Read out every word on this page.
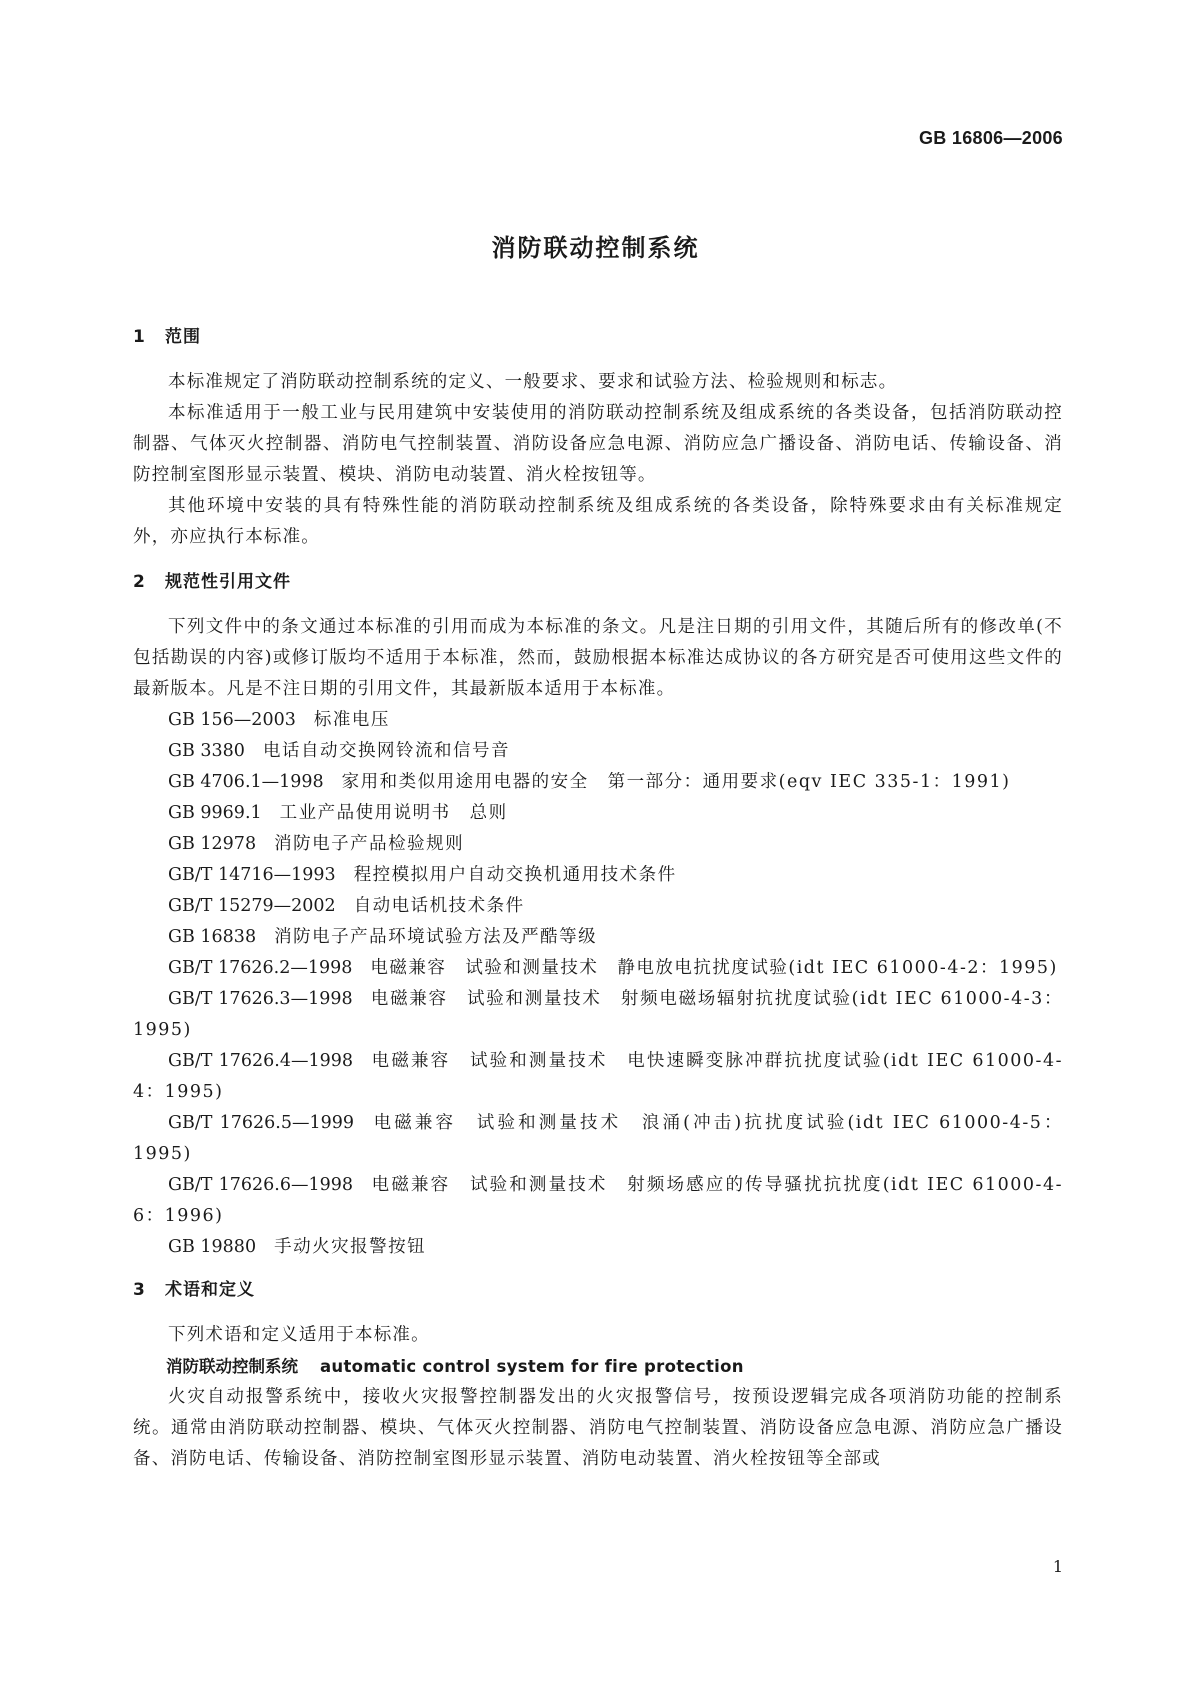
GB 16806—2006
消防联动控制系统
1 范围

本标准规定了消防联动控制系统的定义、一般要求、要求和试验方法、检验规则和标志。

本标准适用于一般工业与民用建筑中安装使用的消防联动控制系统及组成系统的各类设备，包括消防联动控制器、气体灭火控制器、消防电气控制装置、消防设备应急电源、消防应急广播设备、消防电话、传输设备、消防控制室图形显示装置、模块、消防电动装置、消火栓按钮等。

其他环境中安装的具有特殊性能的消防联动控制系统及组成系统的各类设备，除特殊要求由有关标准规定外，亦应执行本标准。

2 规范性引用文件

下列文件中的条文通过本标准的引用而成为本标准的条文。凡是注日期的引用文件，其随后所有的修改单(不包括勘误的内容)或修订版均不适用于本标准，然而，鼓励根据本标准达成协议的各方研究是否可使用这些文件的最新版本。凡是不注日期的引用文件，其最新版本适用于本标准。

GB 156—2003 标准电压

GB 3380 电话自动交换网铃流和信号音

GB 4706.1—1998 家用和类似用途用电器的安全　第一部分：通用要求(eqv IEC 335-1：1991)

GB 9969.1 工业产品使用说明书　总则

GB 12978 消防电子产品检验规则

GB/T 14716—1993 程控模拟用户自动交换机通用技术条件

GB/T 15279—2002 自动电话机技术条件

GB 16838 消防电子产品环境试验方法及严酷等级

GB/T 17626.2—1998 电磁兼容　试验和测量技术　静电放电抗扰度试验(idt IEC 61000-4-2：1995)

GB/T 17626.3—1998 电磁兼容　试验和测量技术　射频电磁场辐射抗扰度试验(idt IEC 61000-4-3：1995)

GB/T 17626.4—1998 电磁兼容　试验和测量技术　电快速瞬变脉冲群抗扰度试验(idt IEC 61000-4-4：1995)

GB/T 17626.5—1999 电磁兼容　试验和测量技术　浪涌(冲击)抗扰度试验(idt IEC 61000-4-5：1995)

GB/T 17626.6—1998 电磁兼容　试验和测量技术　射频场感应的传导骚扰抗扰度(idt IEC 61000-4-6：1996)

GB 19880 手动火灾报警按钮

3 术语和定义

下列术语和定义适用于本标准。

消防联动控制系统 automatic control system for fire protection

火灾自动报警系统中，接收火灾报警控制器发出的火灾报警信号，按预设逻辑完成各项消防功能的控制系统。通常由消防联动控制器、模块、气体灭火控制器、消防电气控制装置、消防设备应急电源、消防应急广播设备、消防电话、传输设备、消防控制室图形显示装置、消防电动装置、消火栓按钮等全部或

1
